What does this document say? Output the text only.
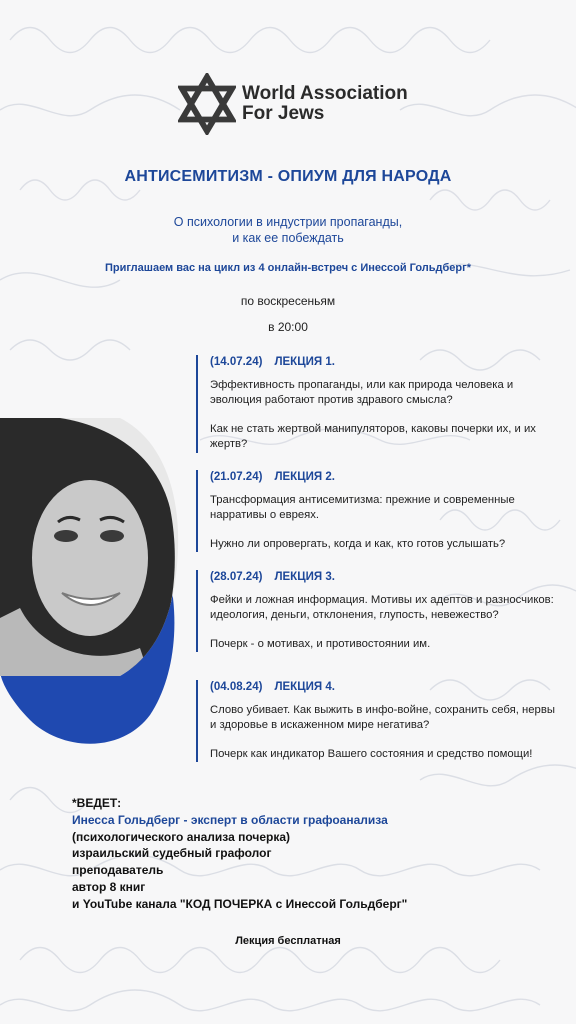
World Association
For Jews
АНТИСЕМИТИЗМ - ОПИУМ ДЛЯ НАРОДА
О психологии в индустрии пропаганды,
и как ее побеждать
Приглашаем вас на цикл из 4 онлайн-встреч с Инессой Гольдберг*
по воскресеньям
в 20:00
(14.07.24) ЛЕКЦИЯ 1.

Эффективность пропаганды, или как природа человека и эволюция работают против здравого смысла?

Как не стать жертвой манипуляторов, каковы почерки их, и их жертв?

(21.07.24) ЛЕКЦИЯ 2.

Трансформация антисемитизма: прежние и современные нарративы о евреях.

Нужно ли опровергать, когда и как, кто готов услышать?

(28.07.24) ЛЕКЦИЯ 3.

Фейки и ложная информация. Мотивы их адептов и разносчиков: идеология, деньги, отклонения, глупость, невежество?

Почерк - о мотивах, и противостоянии им.

(04.08.24) ЛЕКЦИЯ 4.

Слово убивает. Как выжить в инфо-войне, сохранить себя, нервы и здоровье в искаженном мире негатива?

Почерк как индикатор Вашего состояния и средство помощи!

*ВЕДЕТ:
Инесса Гольдберг - эксперт в области графоанализа
(психологического анализа почерка)
израильский судебный графолог
преподаватель
автор 8 книг
и YouTube канала "КОД ПОЧЕРКА с Инессой Гольдберг"
Лекция бесплатная
